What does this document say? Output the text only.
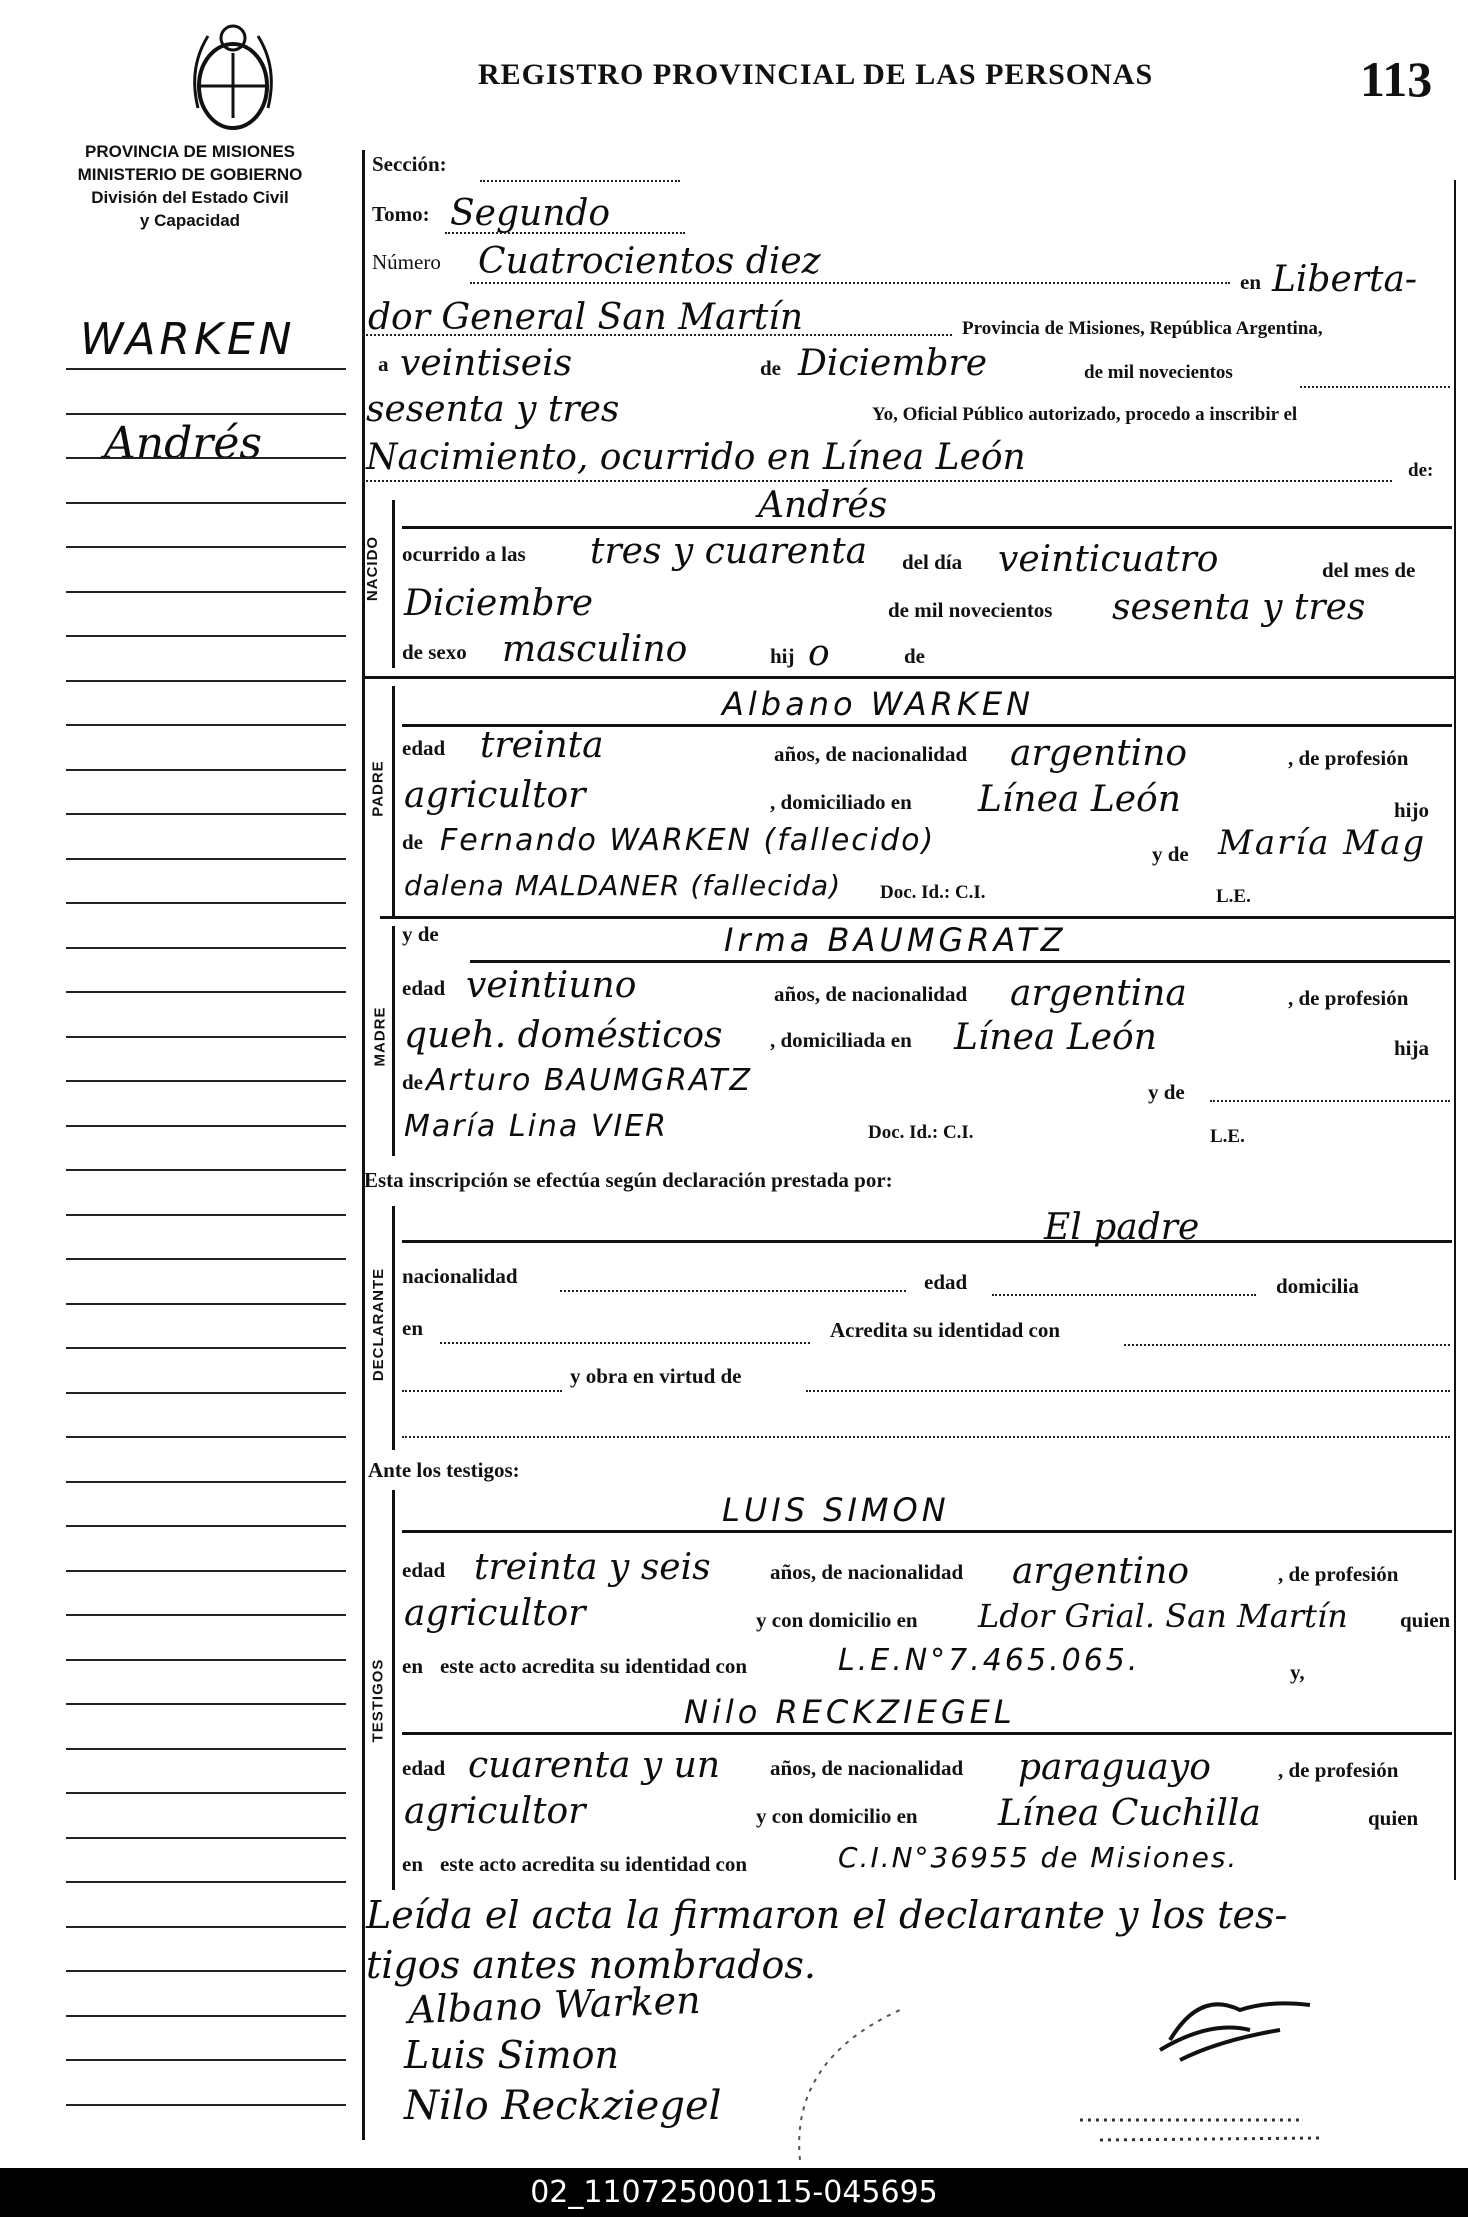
REGISTRO PROVINCIAL DE LAS PERSONAS	113
PROVINCIA DE MISIONES
MINISTERIO DE GOBIERNO
División del Estado Civil
y Capacidad
WARKEN
Andrés
Sección:
Tomo: Segundo
Número Cuatrocientos diez	en Liberta-
dor General San Martín	Provincia de Misiones, República Argentina,
a veintiseis	de Diciembre	de mil novecientos
sesenta y tres	Yo, Oficial Público autorizado, procedo a inscribir el
Nacimiento, ocurrido en Línea León	de:
NACIDO
Andrés
ocurrido a las tres y cuarenta del día veinticuatro	del mes de
Diciembre	de mil novecientos sesenta y tres
de sexo masculino	hij o	de
PADRE
Albano WARKEN
edad treinta	años, de nacionalidad argentino	, de profesión
agricultor	, domiciliado en Línea León	hijo
de Fernando WARKEN (fallecido)	y de María Mag
dalena MALDANER (fallecida) Doc. Id.: C.I.	L.E.
MADRE
y de	Irma BAUMGRATZ
edad veintiuno	años, de nacionalidad argentina	, de profesión
queh. domésticos , domiciliada en Línea León	hija
de Arturo BAUMGRATZ	y de
María Lina VIER	Doc. Id.: C.I.	L.E.
Esta inscripción se efectúa según declaración prestada por:
DECLARANTE
El padre
nacionalidad	edad	domicilia
en	Acredita su identidad con
y obra en virtud de
Ante los testigos:
TESTIGOS
LUIS SIMON
edad treinta y seis	años, de nacionalidad argentino	, de profesión
agricultor	y con domicilio en Ldor Grial. San Martín quien
en este acto acredita su identidad con	L.E.N°7.465.065.	y,
Nilo RECKZIEGEL
edad cuarenta y un años, de nacionalidad paraguayo	, de profesión
agricultor	y con domicilio en Línea Cuchilla	quien
en este acto acredita su identidad con	C.I.N°36955 de Misiones.
Leída el acta la firmaron el declarante y los tes-
tigos antes nombrados.
Albano Warken
Luis Simon
Nilo Reckziegel
02_110725000115-045695
